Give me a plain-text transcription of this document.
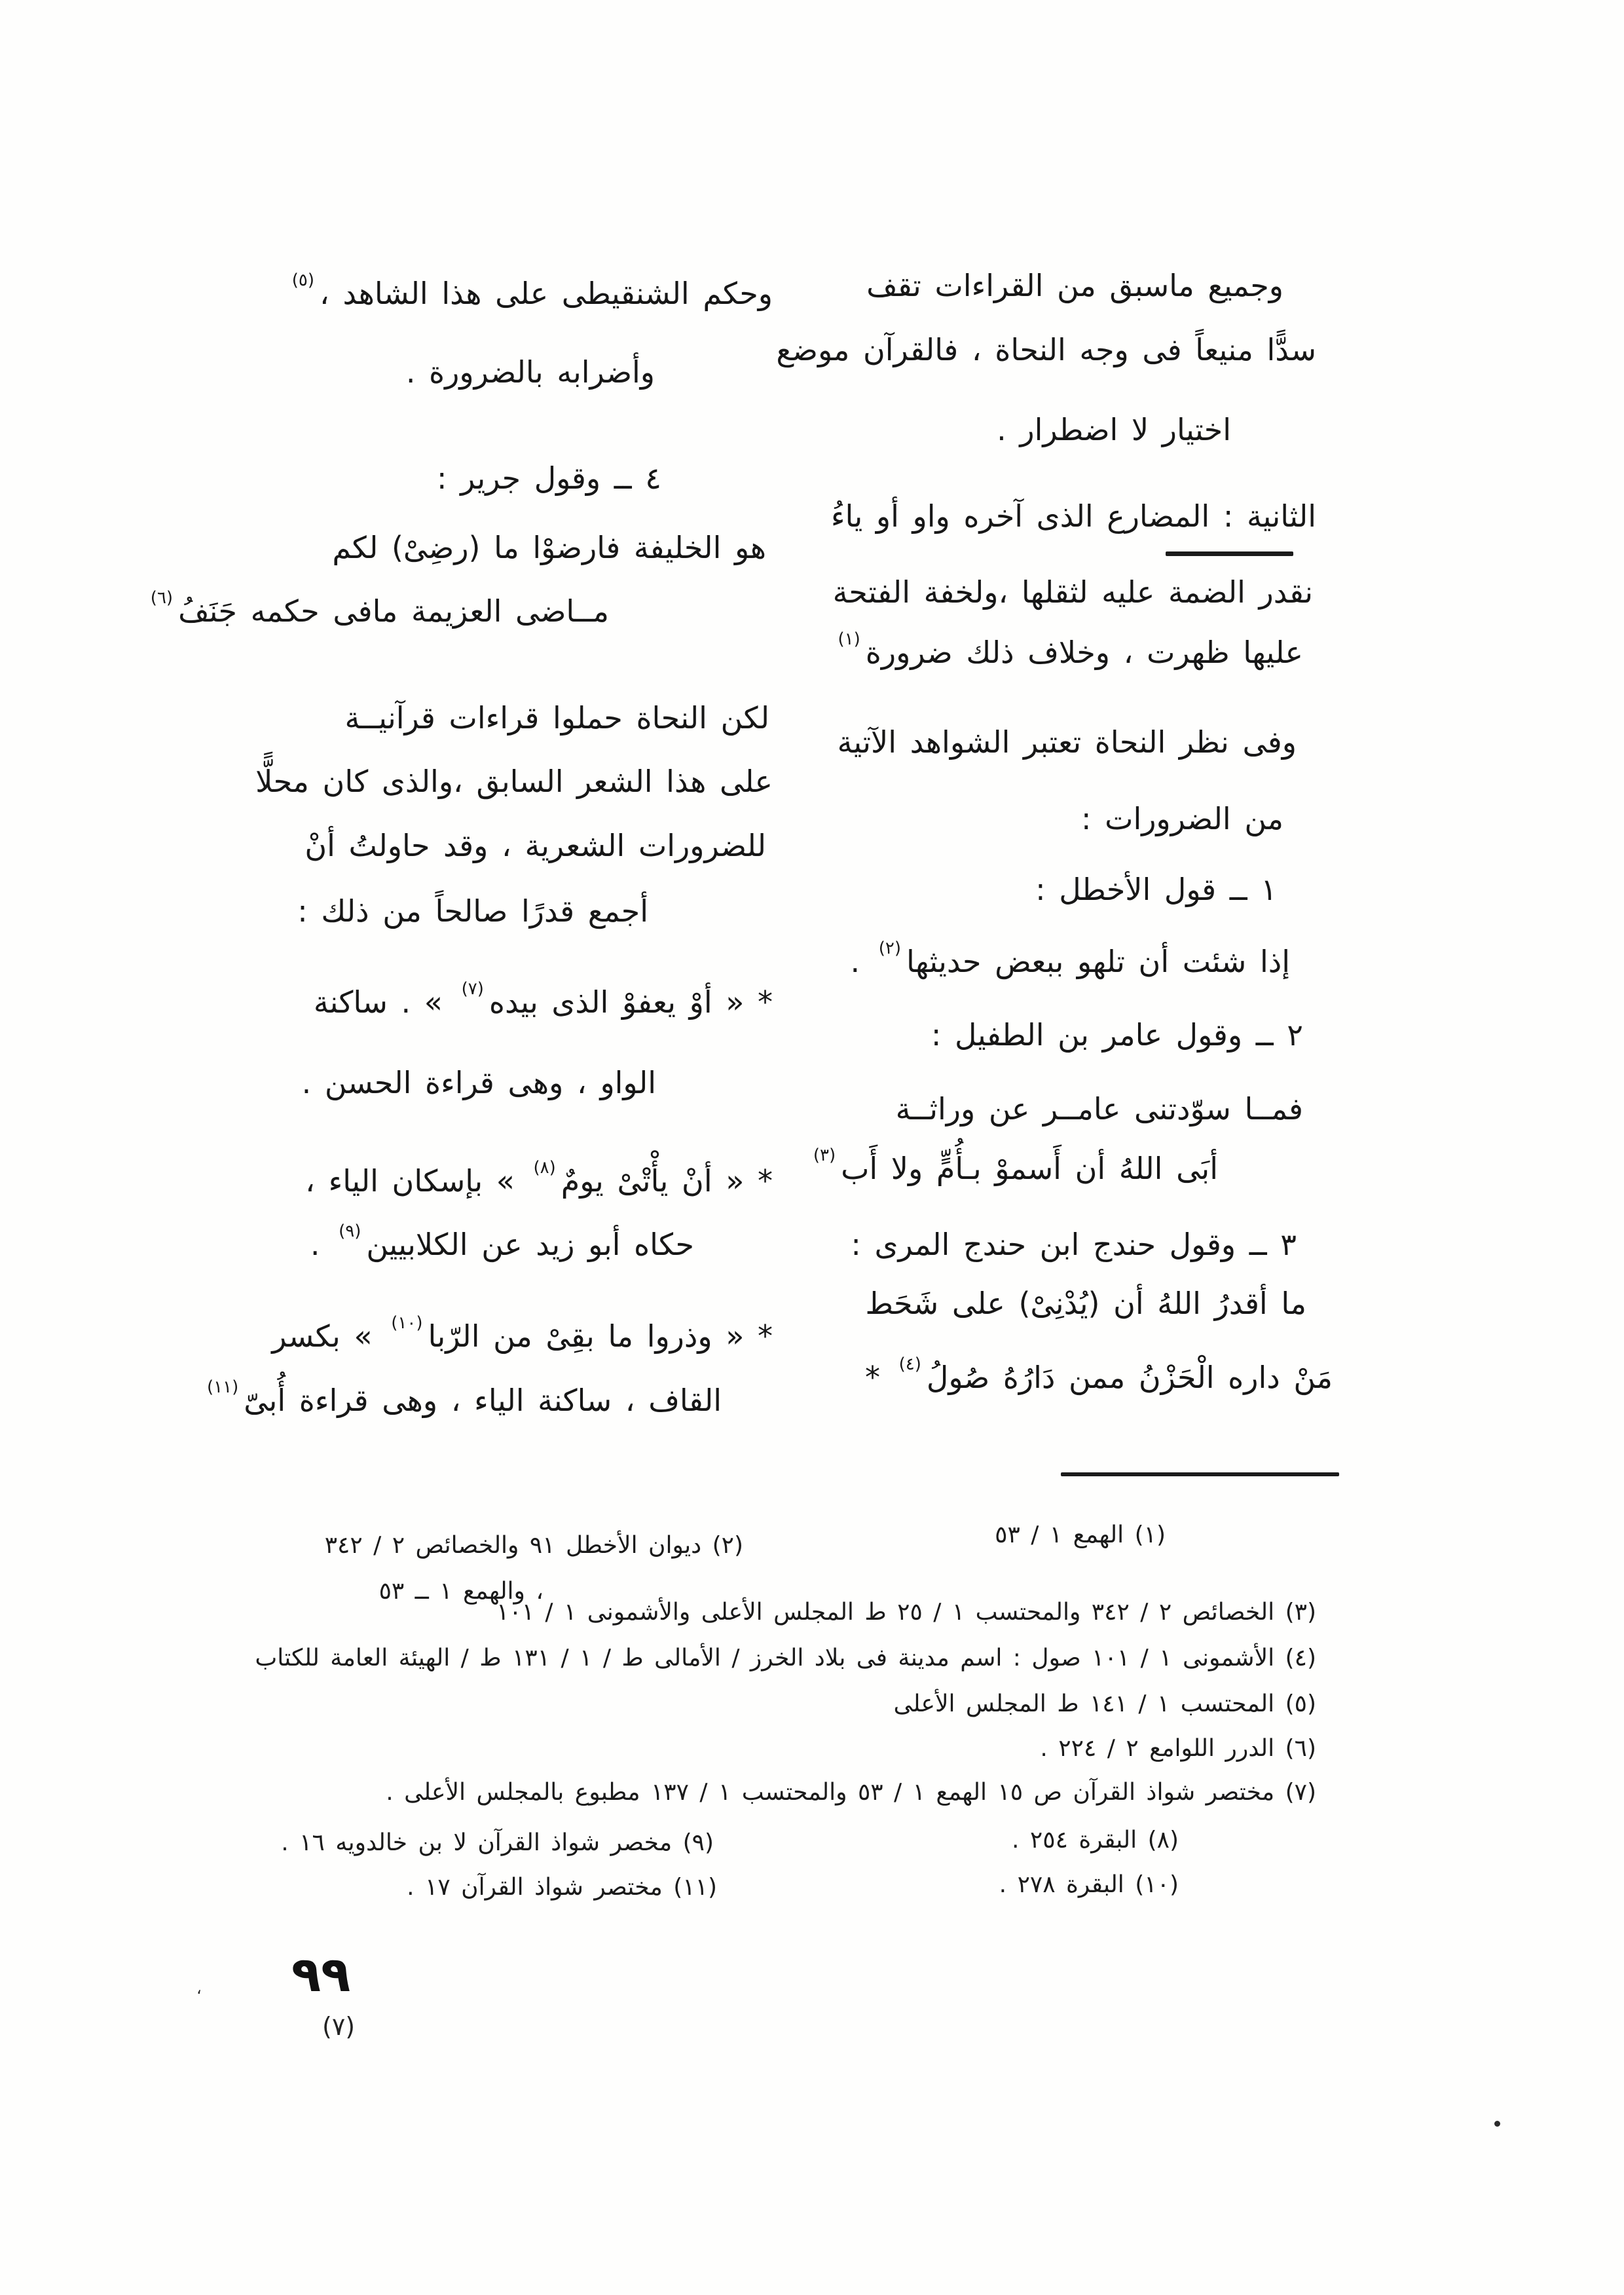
وجميع ماسبق من القراءات تقف
سدًّا منيعاً فى وجه النحاة ، فالقرآن موضع
اختيار لا اضطرار .
الثانية : المضارع الذى آخره واو أو ياءُ
نقدر الضمة عليه لثقلها ،ولخفة الفتحة
عليها ظهرت ، وخلاف ذلك ضرورة$^{(١)}$
وفى نظر النحاة تعتبر الشواهد الآتية
من الضرورات :
١ ــ قول الأخطل :
إذا شئت أن تلهو ببعض حديثها$^{(٢)}$ .
٢ ــ وقول عامر بن الطفيل :
فمــا سوّدتنى عامــر عن وراثــة
أبَى اللهُ أن أَسموْ بـأُمٍّ ولا أَب$^{(٣)}$
٣ ــ وقول حندج ابن حندج المرى :
ما أقدرُ اللهُ أن (يُدْنِىْ) على شَحَط
مَنْ داره الْحَزْنُ ممن دَارُهُ صُولُ$^{(٤)}$ *
وحكم الشنقيطى على هذا الشاهد ،$^{(٥)}$
وأضرابه بالضرورة .
٤ ــ وقول جرير :
هو الخليفة فارضوْا ما (رضِىْ) لكم
مــاضى العزيمة مافى حكمه جَنَفُ$^{(٦)}$
لكن النحاة حملوا قراءات قرآنيــة
على هذا الشعر السابق ،والذى كان محلًّا
للضرورات الشعرية ، وقد حاولتُ أنْ
أجمع قدرًا صالحاً من ذلك :
* « أوْ يعفوْ الذى بيده$^{(٧)}$ » . ساكنة
الواو ، وهى قراءة الحسن .
* « أنْ يأْتْىْ يومٌ$^{(٨)}$ » بإسكان الياء ،
حكاه أبو زيد عن الكلابيين$^{(٩)}$ .
* « وذروا ما بقِىْ من الرّبا$^{(١٠)}$ » بكسر
القاف ، ساكنة الياء ، وهى قراءة أُبىّ$^{(١١)}$
(١) الهمع ١ / ٥٣
(٢) ديوان الأخطل ٩١ والخصائص ٢ / ٣٤٢
، والهمع ١ ــ ٥٣
(٣) الخصائص ٢ / ٣٤٢ والمحتسب ١ / ٢٥ ط المجلس الأعلى والأشمونى ١ / ١٠١
(٤) الأشمونى ١ / ١٠١ صول : اسم مدينة فى بلاد الخرز / الأمالى ط / ١ / ١٣١ ط / الهيئة العامة للكتاب
(٥) المحتسب ١ / ١٤١ ط المجلس الأعلى
(٦) الدرر اللوامع ٢ / ٢٢٤ .
(٧) مختصر شواذ القرآن ص ١٥ الهمع ١ / ٥٣ والمحتسب ١ / ١٣٧ مطبوع بالمجلس الأعلى .
(٨) البقرة ٢٥٤ .
(٩) مخصر شواذ القرآن لا بن خالدويه ١٦ .
(١٠) البقرة ٢٧٨ .
(١١) مختصر شواذ القرآن ١٧ .
، ٩٩
(٧)
